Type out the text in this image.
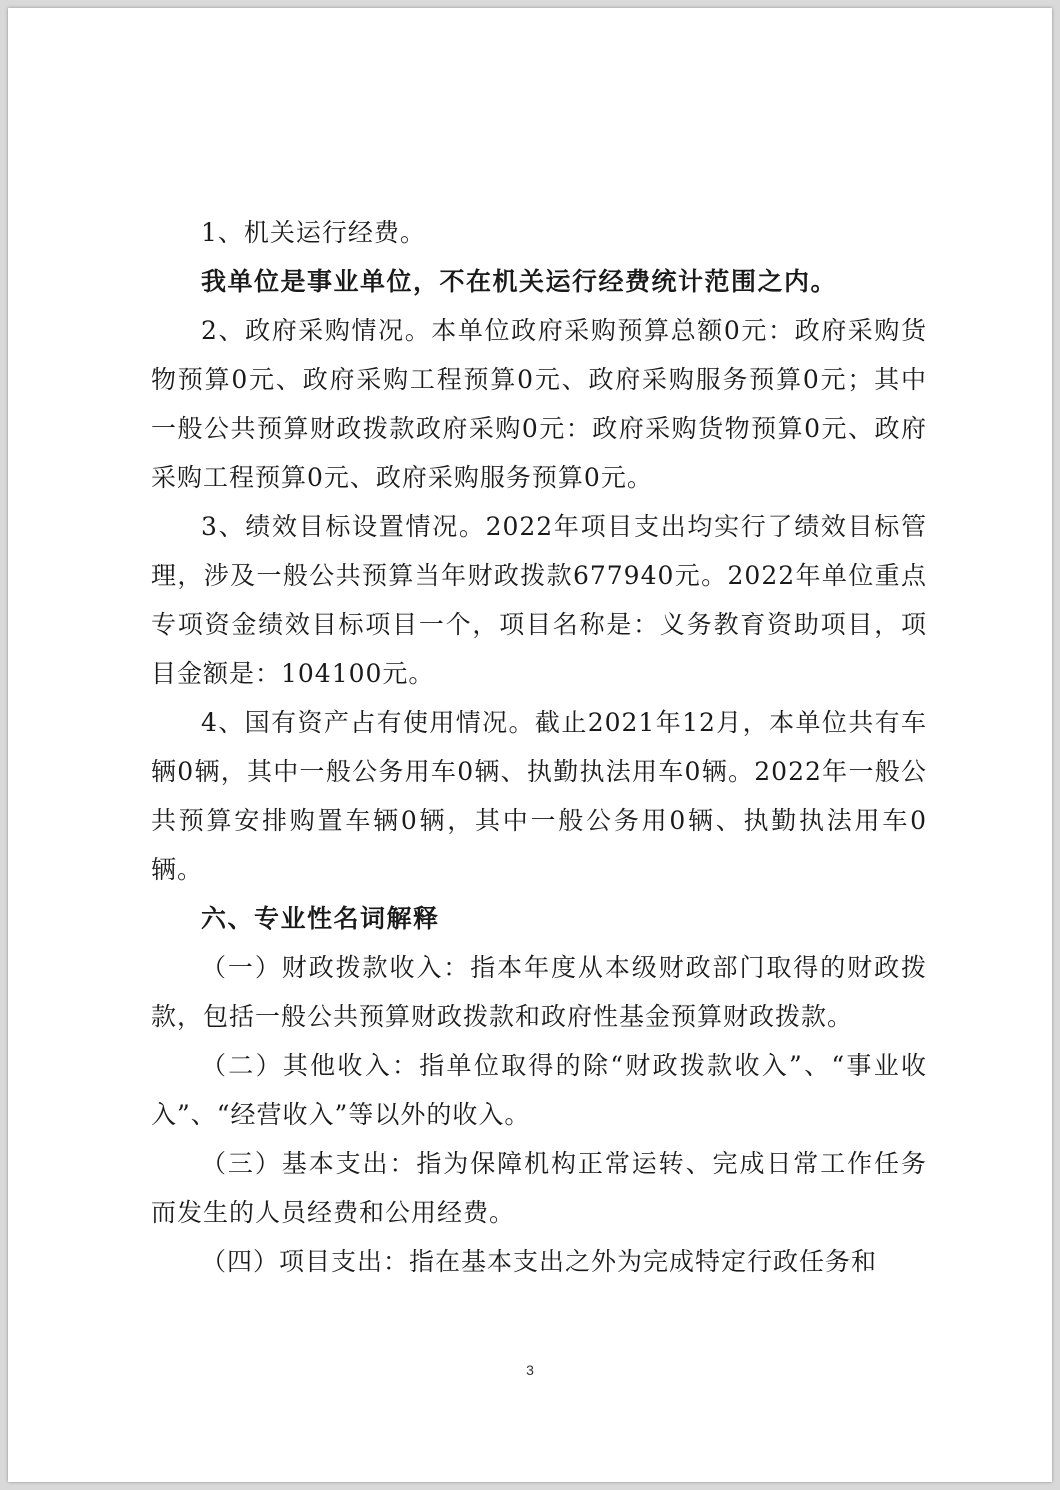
1、机关运行经费。

我单位是事业单位，不在机关运行经费统计范围之内。

2、政府采购情况。本单位政府采购预算总额0元：政府采购货物预算0元、政府采购工程预算0元、政府采购服务预算0元；其中一般公共预算财政拨款政府采购0元：政府采购货物预算0元、政府采购工程预算0元、政府采购服务预算0元。

3、绩效目标设置情况。2022年项目支出均实行了绩效目标管理，涉及一般公共预算当年财政拨款677940元。2022年单位重点专项资金绩效目标项目一个，项目名称是：义务教育资助项目，项目金额是：104100元。

4、国有资产占有使用情况。截止2021年12月，本单位共有车辆0辆，其中一般公务用车0辆、执勤执法用车0辆。2022年一般公共预算安排购置车辆0辆，其中一般公务用0辆、执勤执法用车0辆。

六、专业性名词解释

（一）财政拨款收入：指本年度从本级财政部门取得的财政拨款，包括一般公共预算财政拨款和政府性基金预算财政拨款。

（二）其他收入：指单位取得的除“财政拨款收入”、“事业收入”、“经营收入”等以外的收入。

（三）基本支出：指为保障机构正常运转、完成日常工作任务而发生的人员经费和公用经费。

（四）项目支出：指在基本支出之外为完成特定行政任务和

3
